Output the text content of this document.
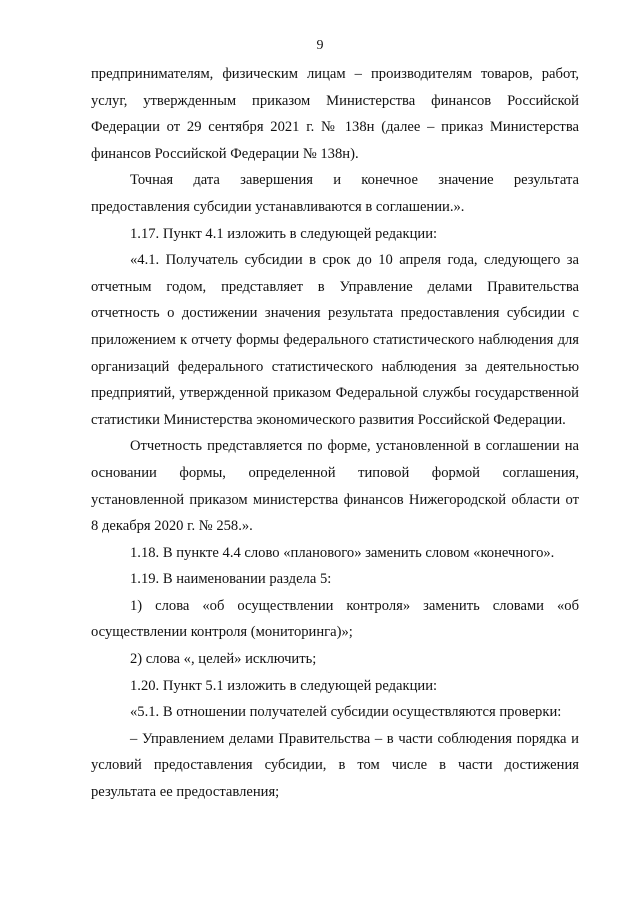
9

предпринимателям, физическим лицам – производителям товаров, работ, услуг, утвержденным приказом Министерства финансов Российской Федерации от 29 сентября 2021 г. № 138н (далее – приказ Министерства финансов Российской Федерации № 138н).

Точная дата завершения и конечное значение результата предоставления субсидии устанавливаются в соглашении.».

1.17. Пункт 4.1 изложить в следующей редакции:

«4.1. Получатель субсидии в срок до 10 апреля года, следующего за отчетным годом, представляет в Управление делами Правительства отчетность о достижении значения результата предоставления субсидии с приложением к отчету формы федерального статистического наблюдения для организаций федерального статистического наблюдения за деятельностью предприятий, утвержденной приказом Федеральной службы государственной статистики Министерства экономического развития Российской Федерации.

Отчетность представляется по форме, установленной в соглашении на основании формы, определенной типовой формой соглашения, установленной приказом министерства финансов Нижегородской области от 8 декабря 2020 г. № 258.».

1.18. В пункте 4.4 слово «планового» заменить словом «конечного».

1.19. В наименовании раздела 5:

1) слова «об осуществлении контроля» заменить словами «об осуществлении контроля (мониторинга)»;

2) слова «, целей» исключить;

1.20. Пункт 5.1 изложить в следующей редакции:

«5.1. В отношении получателей субсидии осуществляются проверки:

– Управлением делами Правительства – в части соблюдения порядка и условий предоставления субсидии, в том числе в части достижения результата ее предоставления;
